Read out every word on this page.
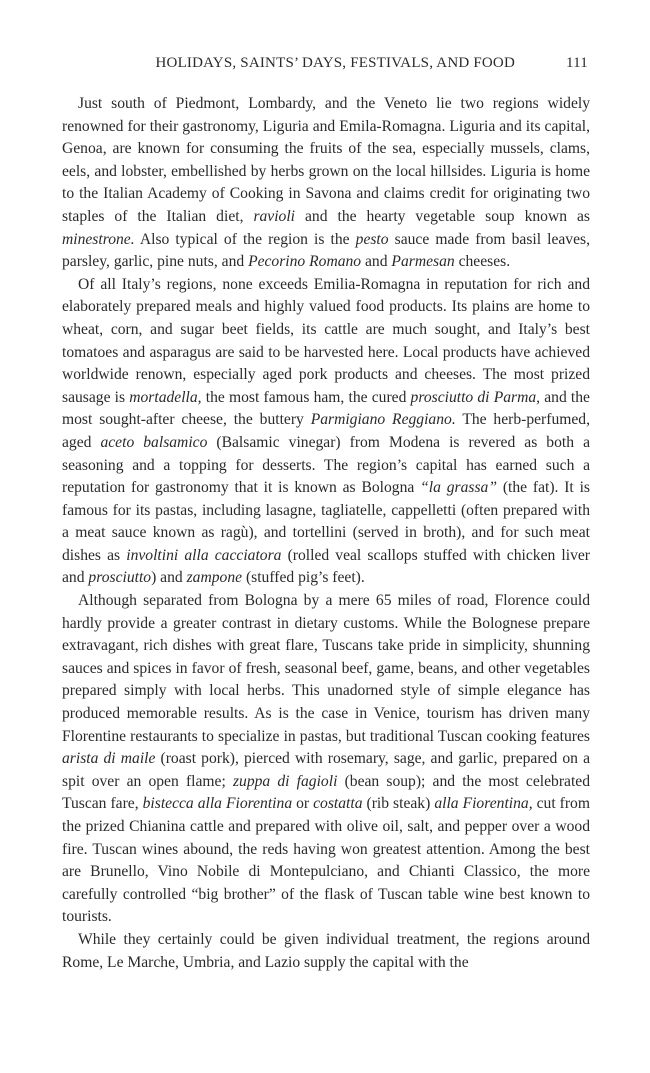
HOLIDAYS, SAINTS’ DAYS, FESTIVALS, AND FOOD	111

Just south of Piedmont, Lombardy, and the Veneto lie two regions widely renowned for their gastronomy, Liguria and Emila-Romagna. Liguria and its capital, Genoa, are known for consuming the fruits of the sea, especially mussels, clams, eels, and lobster, embellished by herbs grown on the local hillsides. Liguria is home to the Italian Academy of Cooking in Savona and claims credit for originating two staples of the Italian diet, ravioli and the hearty vegetable soup known as minestrone. Also typical of the region is the pesto sauce made from basil leaves, parsley, garlic, pine nuts, and Pecorino Romano and Parmesan cheeses.

Of all Italy’s regions, none exceeds Emilia-Romagna in reputation for rich and elaborately prepared meals and highly valued food products. Its plains are home to wheat, corn, and sugar beet fields, its cattle are much sought, and Italy’s best tomatoes and asparagus are said to be harvested here. Local products have achieved worldwide renown, especially aged pork products and cheeses. The most prized sausage is mortadella, the most famous ham, the cured prosciutto di Parma, and the most sought-after cheese, the buttery Parmigiano Reggiano. The herb-perfumed, aged aceto balsamico (Balsamic vinegar) from Modena is revered as both a seasoning and a topping for desserts. The region’s capital has earned such a reputation for gastronomy that it is known as Bologna “la grassa” (the fat). It is famous for its pastas, including lasagne, tagliatelle, cappelletti (often prepared with a meat sauce known as ragù), and tortellini (served in broth), and for such meat dishes as involtini alla cacciatora (rolled veal scallops stuffed with chicken liver and prosciutto) and zampone (stuffed pig’s feet).

Although separated from Bologna by a mere 65 miles of road, Florence could hardly provide a greater contrast in dietary customs. While the Bolognese prepare extravagant, rich dishes with great flare, Tuscans take pride in simplicity, shunning sauces and spices in favor of fresh, seasonal beef, game, beans, and other vegetables prepared simply with local herbs. This unadorned style of simple elegance has produced memorable results. As is the case in Venice, tourism has driven many Florentine restaurants to specialize in pastas, but traditional Tuscan cooking features arista di maile (roast pork), pierced with rosemary, sage, and garlic, prepared on a spit over an open flame; zuppa di fagioli (bean soup); and the most celebrated Tuscan fare, bistecca alla Fiorentina or costatta (rib steak) alla Fiorentina, cut from the prized Chianina cattle and prepared with olive oil, salt, and pepper over a wood fire. Tuscan wines abound, the reds having won greatest attention. Among the best are Brunello, Vino Nobile di Montepulciano, and Chianti Classico, the more carefully controlled “big brother” of the flask of Tuscan table wine best known to tourists.

While they certainly could be given individual treatment, the regions around Rome, Le Marche, Umbria, and Lazio supply the capital with the
